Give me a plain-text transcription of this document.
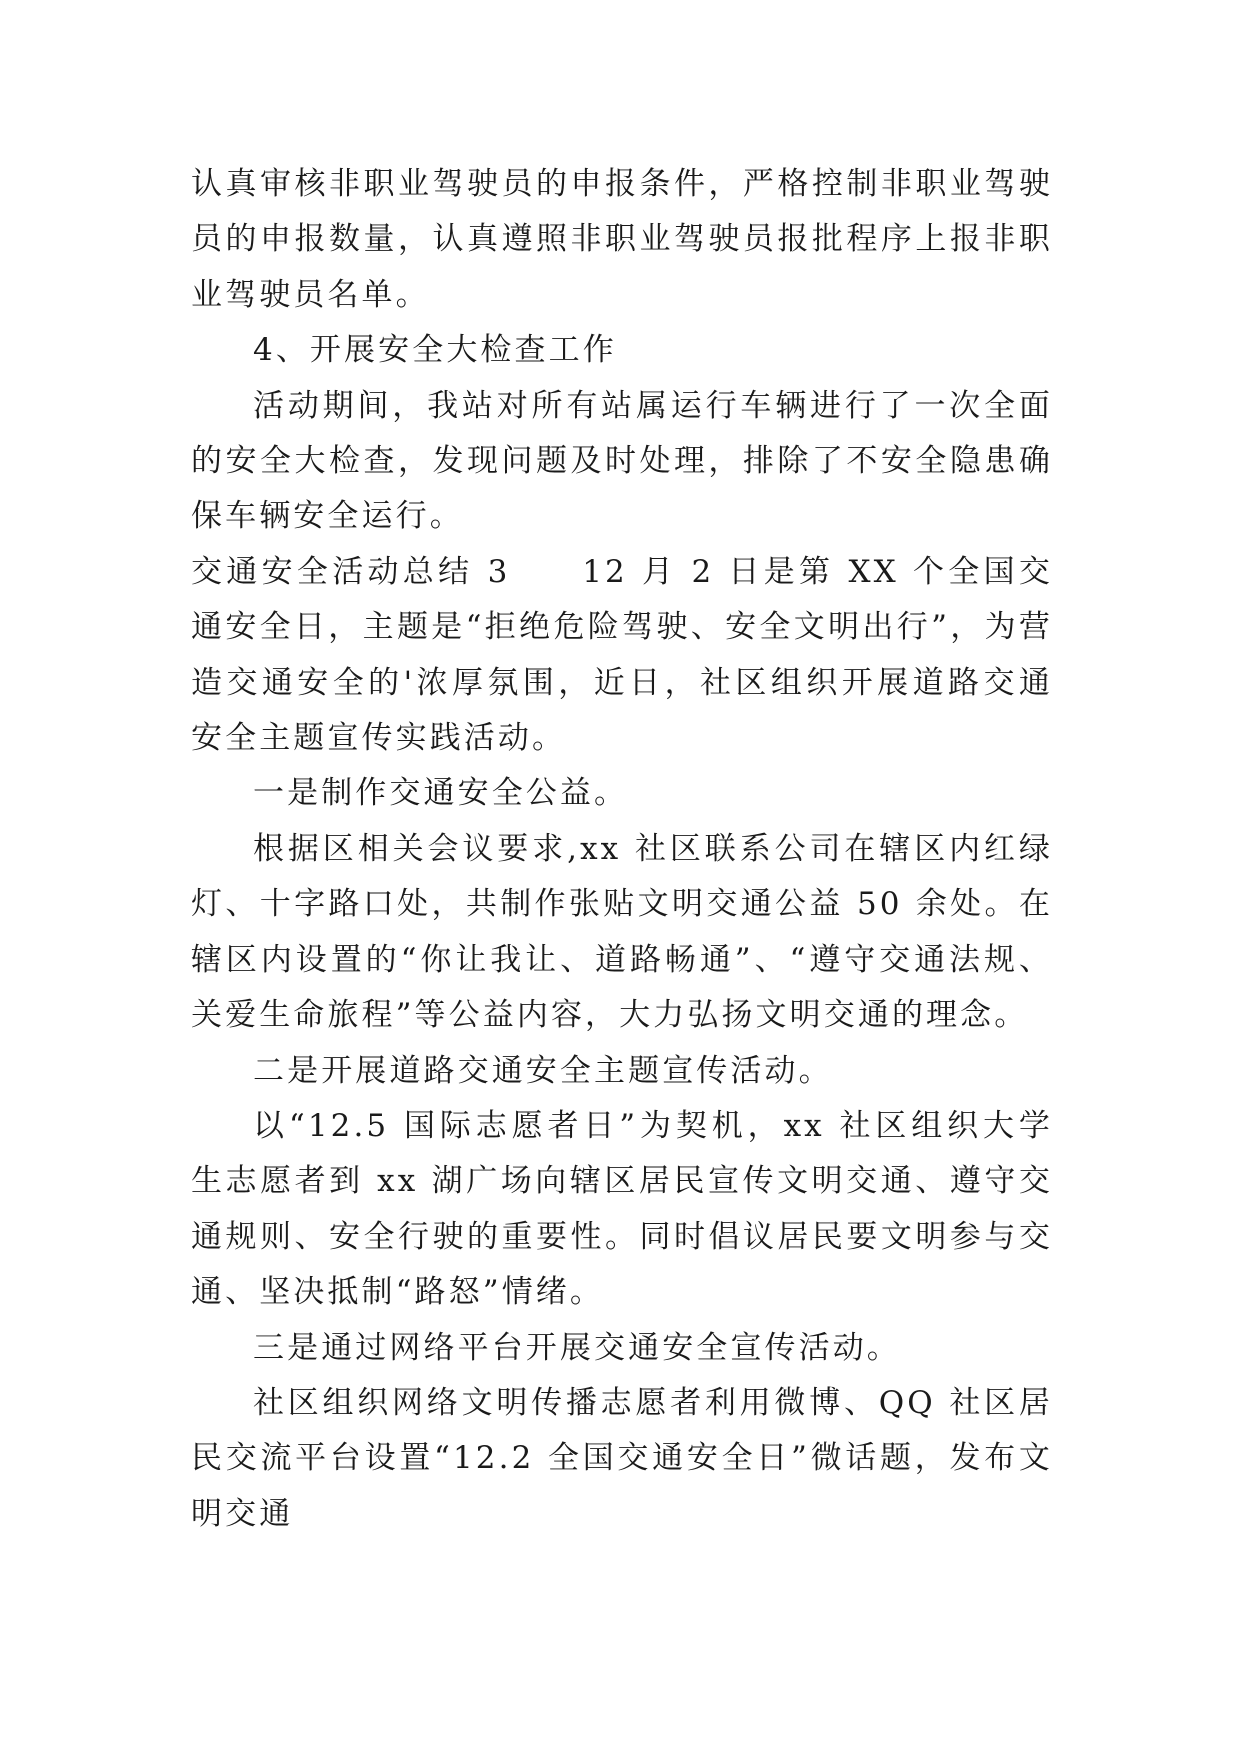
认真审核非职业驾驶员的申报条件，严格控制非职业驾驶员的申报数量，认真遵照非职业驾驶员报批程序上报非职业驾驶员名单。

4、开展安全大检查工作

活动期间，我站对所有站属运行车辆进行了一次全面的安全大检查，发现问题及时处理，排除了不安全隐患确保车辆安全运行。

交通安全活动总结 3　　12 月 2 日是第 XX 个全国交通安全日，主题是“拒绝危险驾驶、安全文明出行”，为营造交通安全的'浓厚氛围，近日，社区组织开展道路交通安全主题宣传实践活动。

一是制作交通安全公益。

根据区相关会议要求,xx 社区联系公司在辖区内红绿灯、十字路口处，共制作张贴文明交通公益 50 余处。在辖区内设置的“你让我让、道路畅通”、“遵守交通法规、关爱生命旅程”等公益内容，大力弘扬文明交通的理念。

二是开展道路交通安全主题宣传活动。

以“12.5 国际志愿者日”为契机，xx 社区组织大学生志愿者到 xx 湖广场向辖区居民宣传文明交通、遵守交通规则、安全行驶的重要性。同时倡议居民要文明参与交通、坚决抵制“路怒”情绪。

三是通过网络平台开展交通安全宣传活动。

社区组织网络文明传播志愿者利用微博、QQ 社区居民交流平台设置“12.2 全国交通安全日”微话题，发布文明交通
